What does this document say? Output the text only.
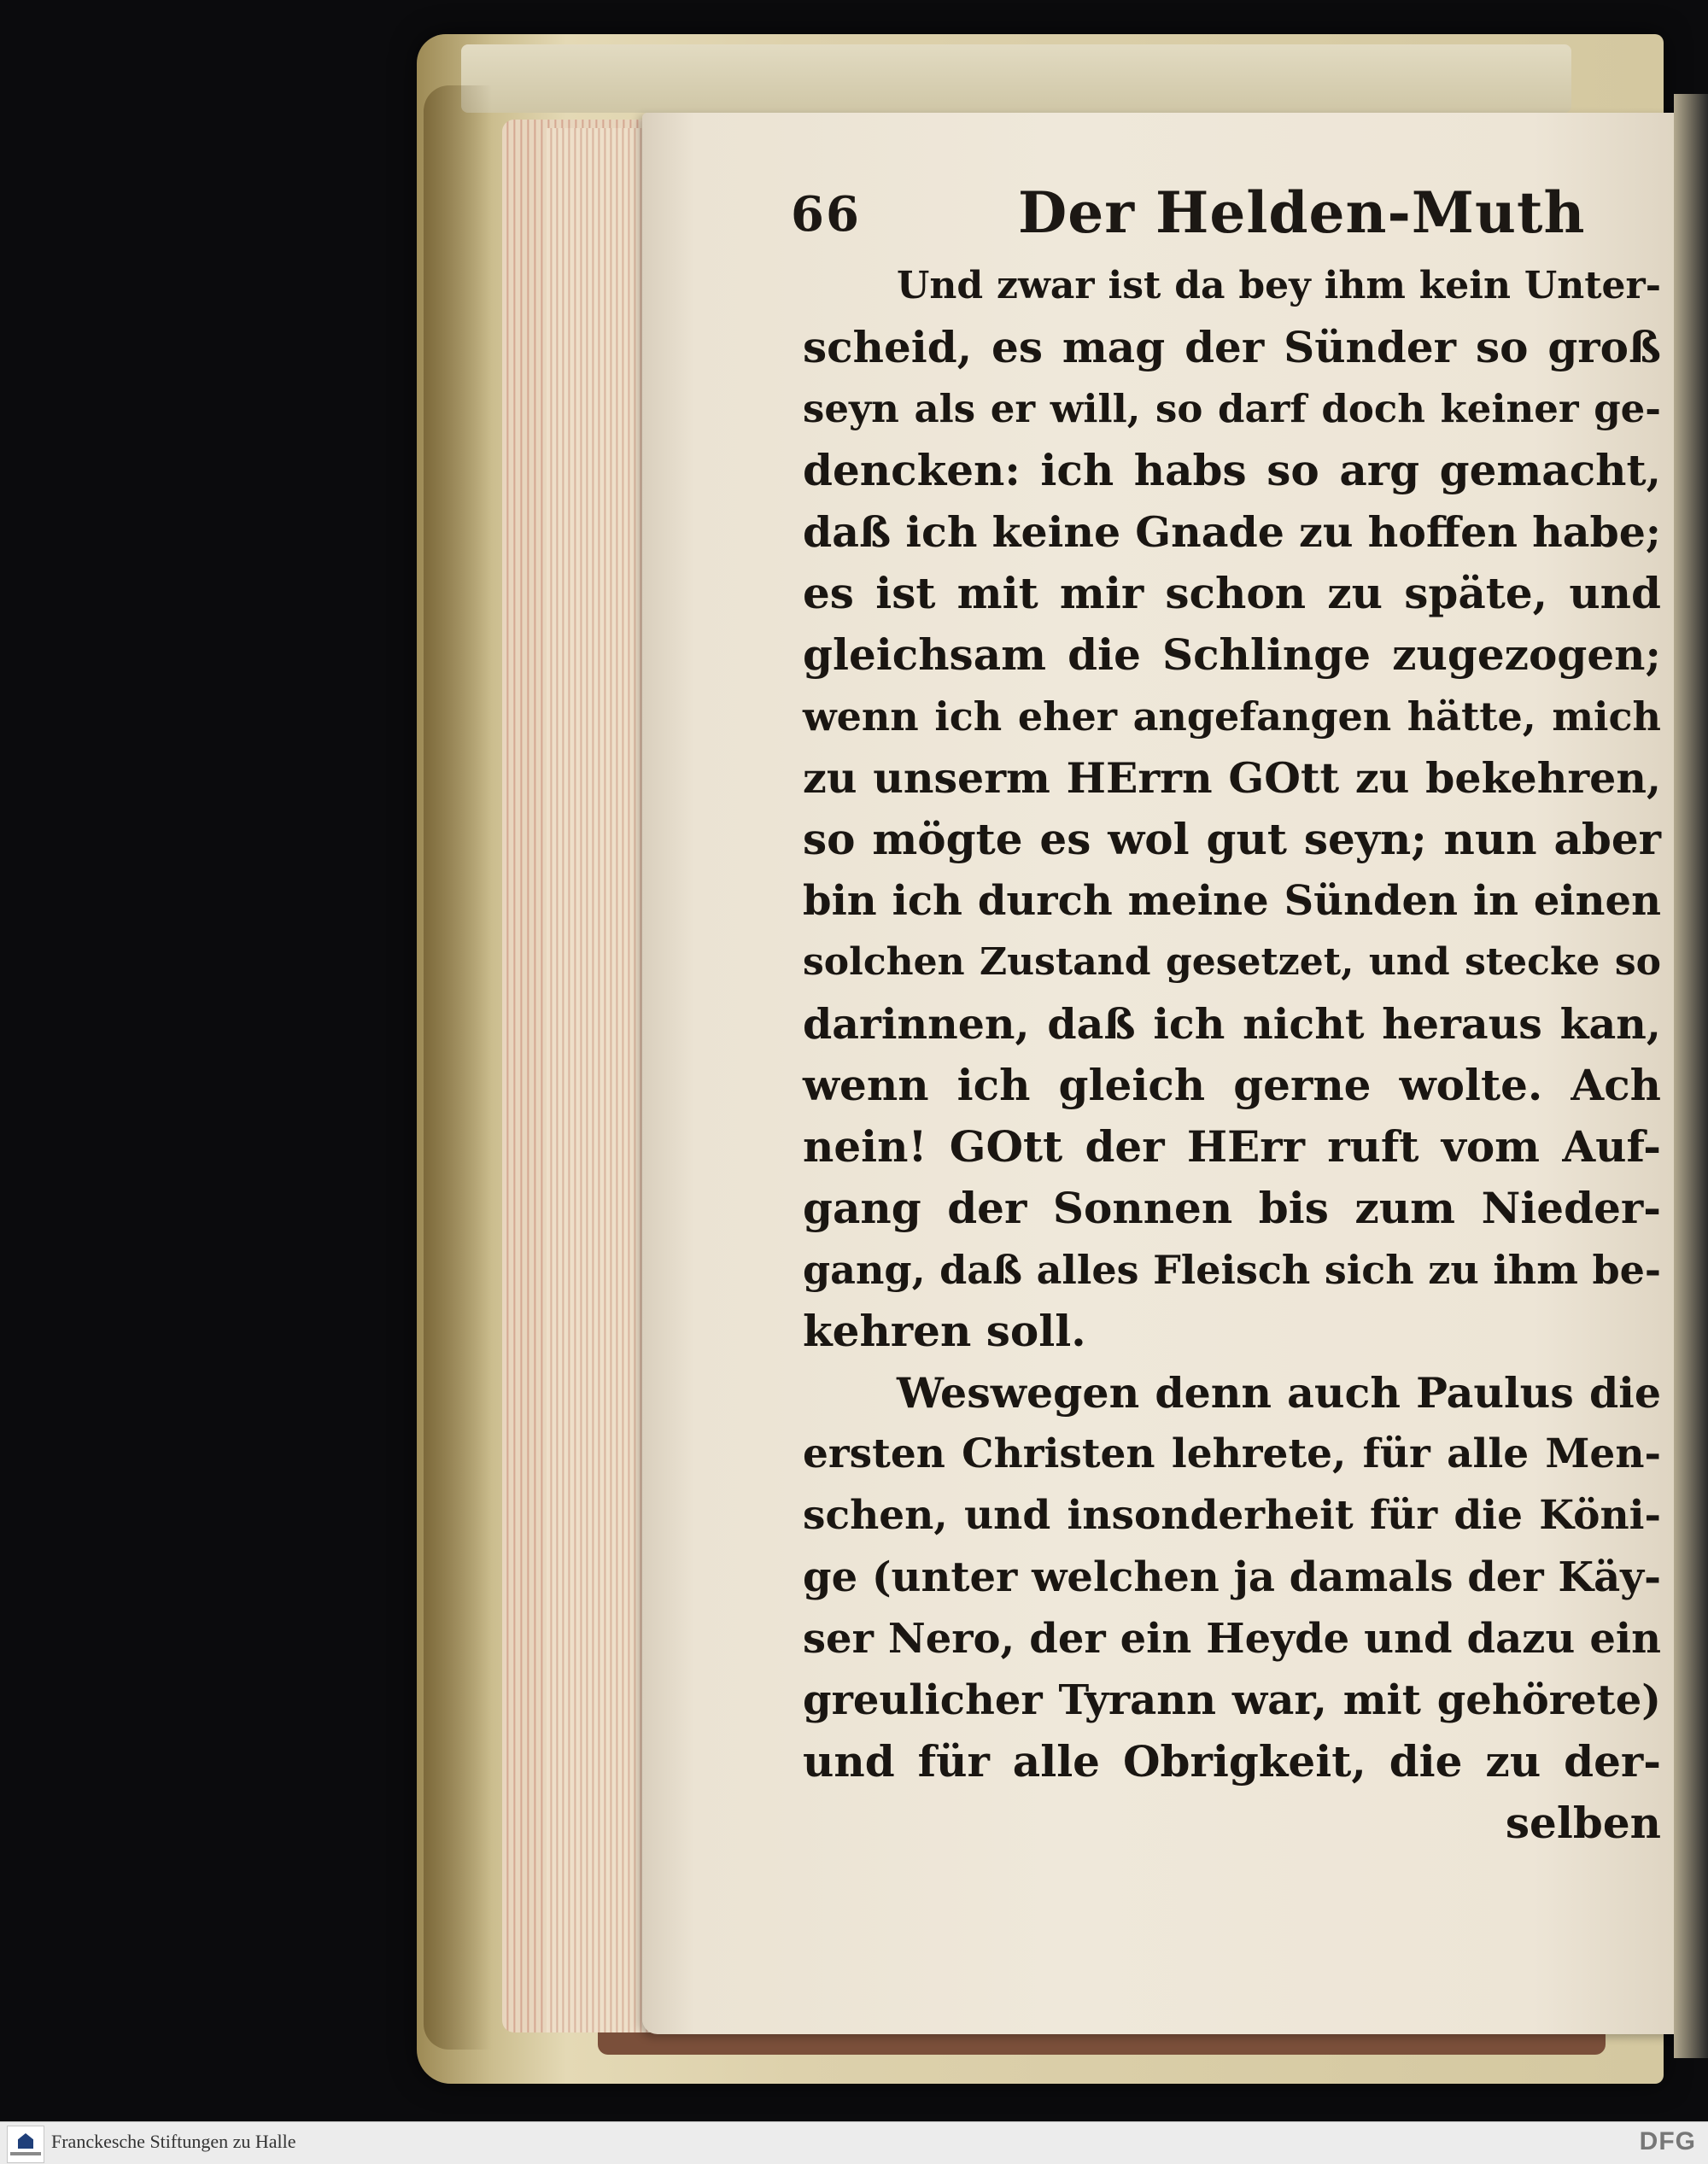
66	Der Helden-Muth
Und zwar ist da bey ihm kein Unter-
scheid, es mag der Sünder so groß
seyn als er will, so darf doch keiner ge-
dencken: ich habs so arg gemacht,
daß ich keine Gnade zu hoffen habe;
es ist mit mir schon zu späte, und
gleichsam die Schlinge zugezogen;
wenn ich eher angefangen hätte, mich
zu unserm HErrn GOtt zu bekehren,
so mögte es wol gut seyn; nun aber
bin ich durch meine Sünden in einen
solchen Zustand gesetzet, und stecke so
darinnen, daß ich nicht heraus kan,
wenn ich gleich gerne wolte. Ach
nein! GOtt der HErr ruft vom Auf-
gang der Sonnen bis zum Nieder-
gang, daß alles Fleisch sich zu ihm be-
kehren soll.
Weswegen denn auch Paulus die
ersten Christen lehrete, für alle Men-
schen, und insonderheit für die Köni-
ge (unter welchen ja damals der Käy-
ser Nero, der ein Heyde und dazu ein
greulicher Tyrann war, mit gehörete)
und für alle Obrigkeit, die zu der-
selben
Franckesche Stiftungen zu Halle	DFG
